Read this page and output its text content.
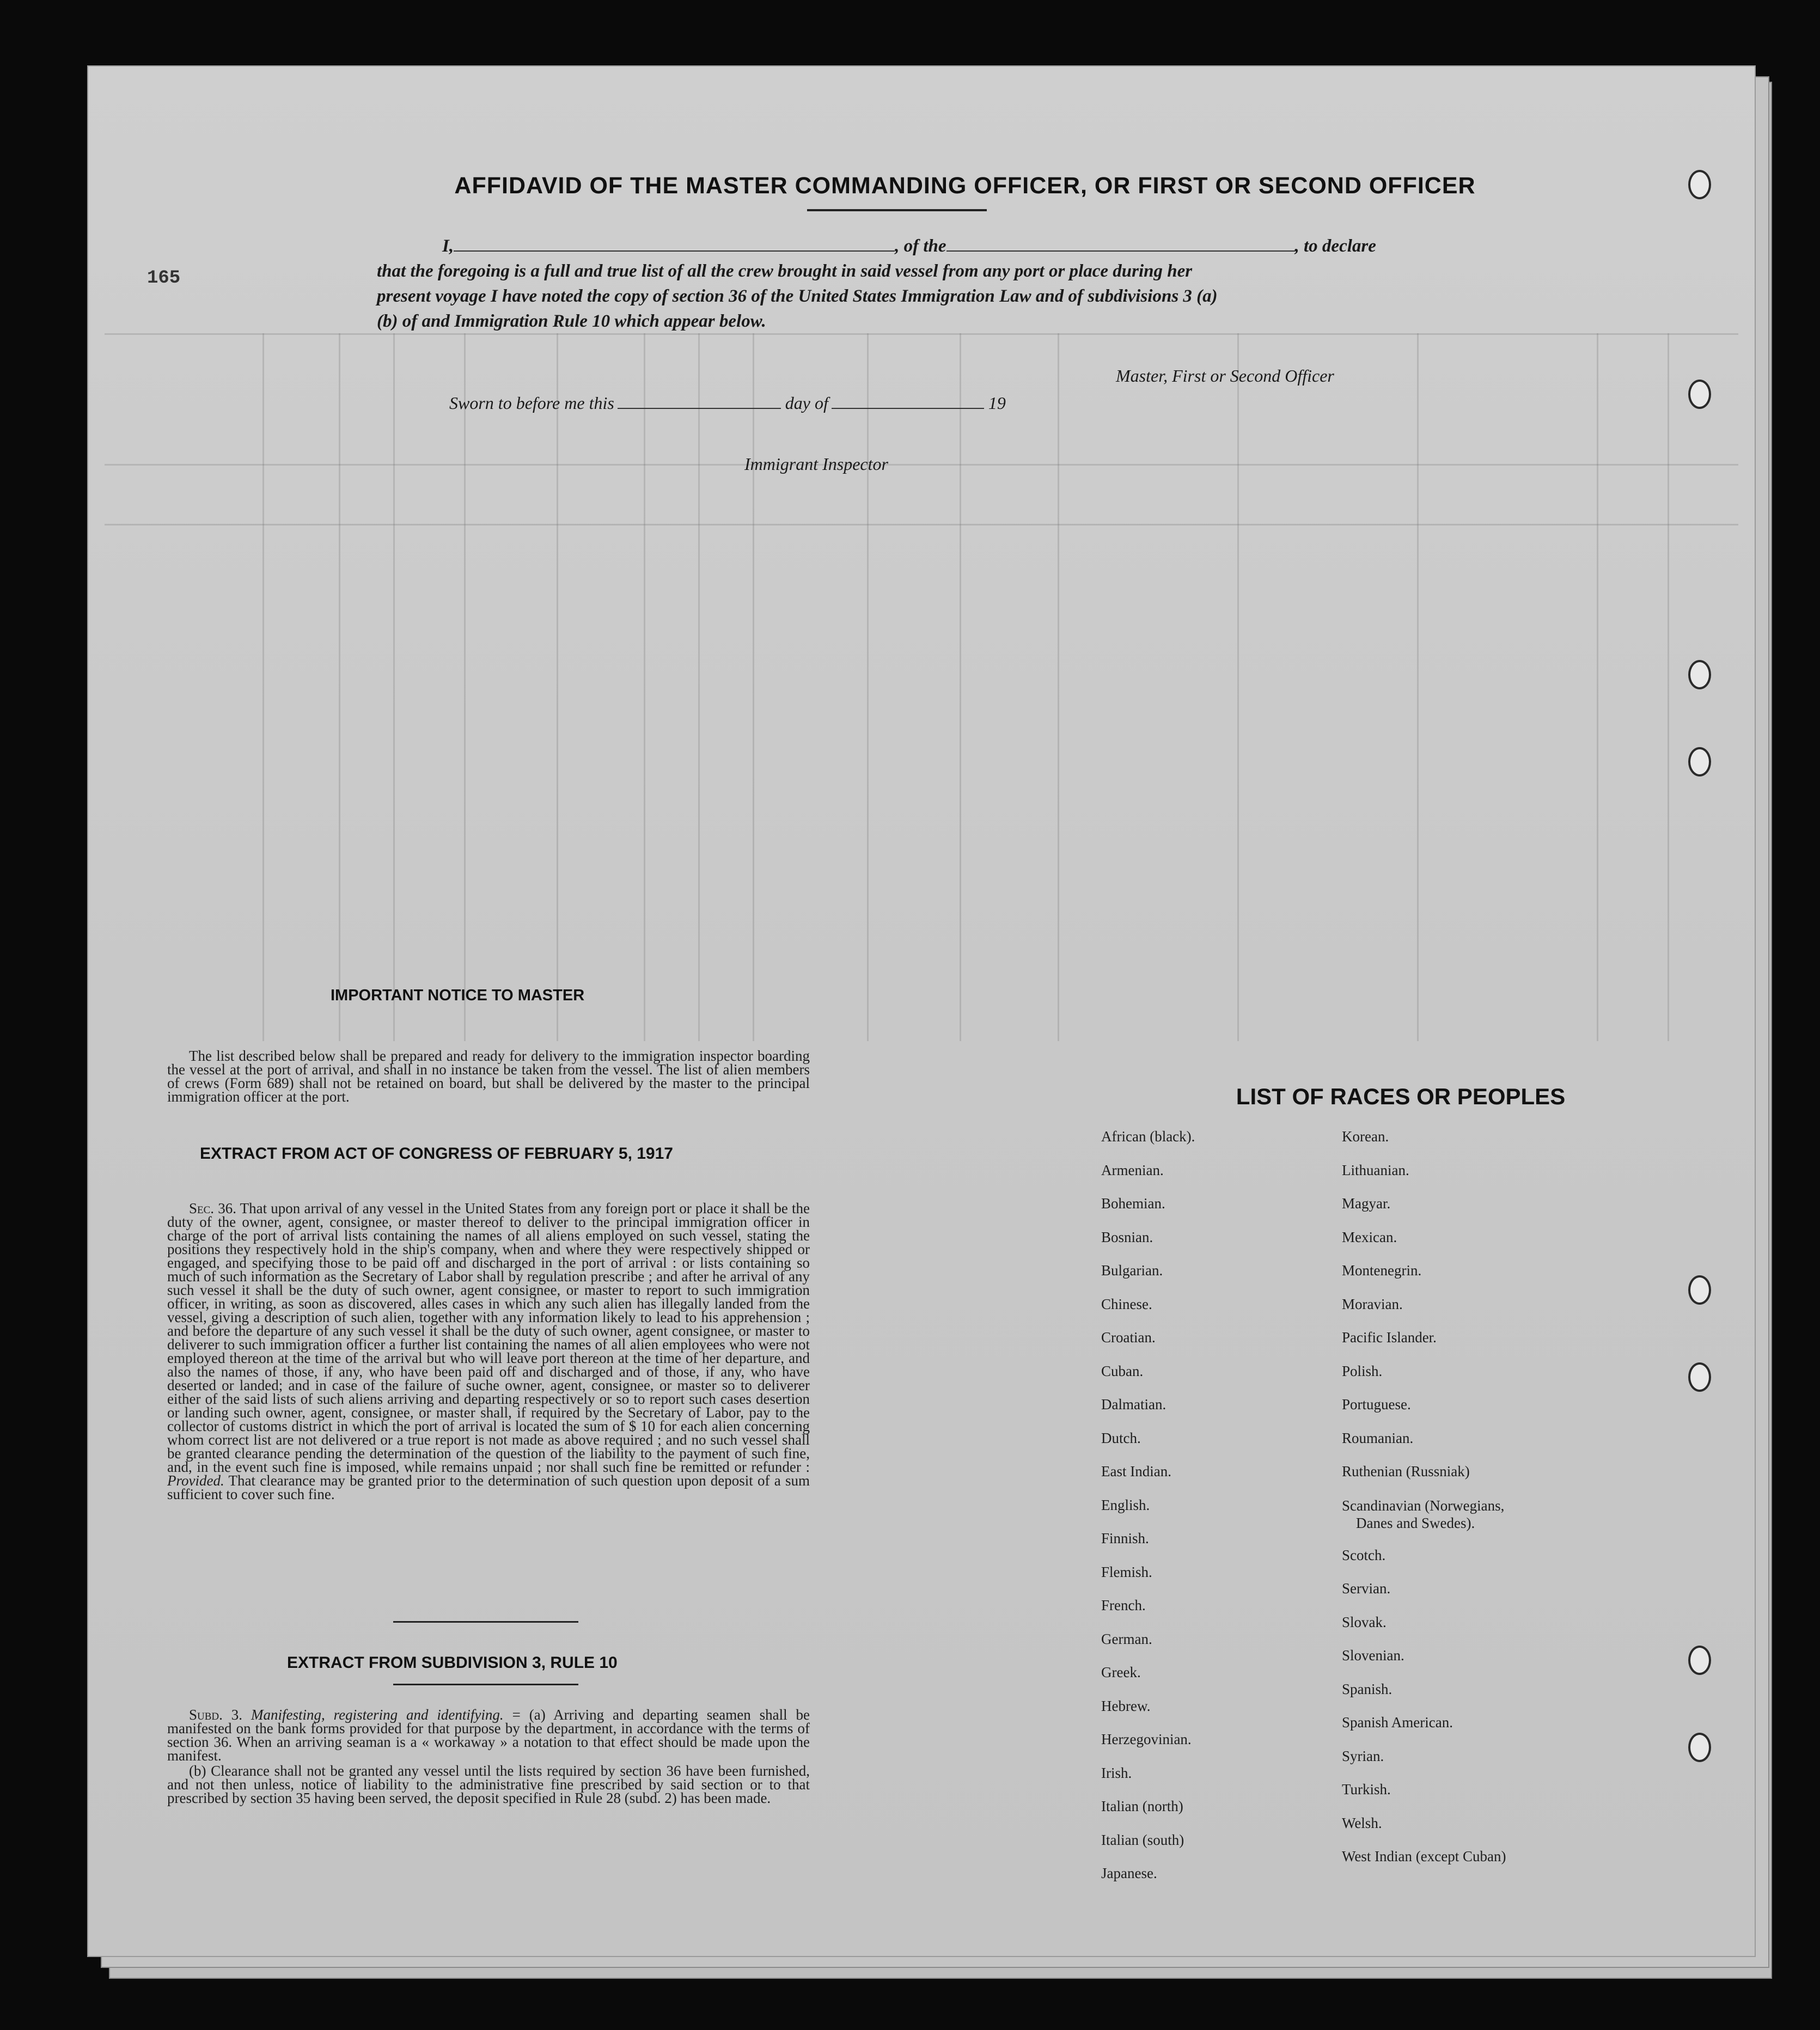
165
AFFIDAVID OF THE MASTER COMMANDING OFFICER, OR FIRST OR SECOND OFFICER
I,	, of the	, to declare
that the foregoing is a full and true list of all the crew brought in said vessel from any port or place during her
present voyage I have noted the copy of section 36 of the United States Immigration Law and of subdivisions 3 (a)
(b) of and Immigration Rule 10 which appear below.
Master, First or Second Officer
Sworn to before me this	day of	19
Immigrant Inspector
IMPORTANT NOTICE TO MASTER
The list described below shall be prepared and ready for delivery to the immigration inspector boarding the vessel at the port of arrival, and shall in no instance be taken from the vessel. The list of alien members of crews (Form 689) shall not be retained on board, but shall be delivered by the master to the principal immigration officer at the port.
EXTRACT FROM ACT OF CONGRESS OF FEBRUARY 5, 1917
Sec. 36. That upon arrival of any vessel in the United States from any foreign port or place it shall be the duty of the owner, agent, consignee, or master thereof to deliver to the principal immigration officer in charge of the port of arrival lists containing the names of all aliens employed on such vessel, stating the positions they respectively hold in the ship's company, when and where they were respectively shipped or engaged, and specifying those to be paid off and discharged in the port of arrival : or lists containing so much of such information as the Secretary of Labor shall by regulation prescribe ; and after he arrival of any such vessel it shall be the duty of such owner, agent consignee, or master to report to such immigration officer, in writing, as soon as discovered, alles cases in which any such alien has illegally landed from the vessel, giving a description of such alien, together with any information likely to lead to his apprehension ; and before the departure of any such vessel it shall be the duty of such owner, agent consignee, or master to deliverer to such immigration officer a further list containing the names of all alien employees who were not employed thereon at the time of the arrival but who will leave port thereon at the time of her departure, and also the names of those, if any, who have been paid off and discharged and of those, if any, who have deserted or landed; and in case of the failure of suche owner, agent, consignee, or master so to deliverer either of the said lists of such aliens arriving and departing respectively or so to report such cases desertion or landing such owner, agent, consignee, or master shall, if required by the Secretary of Labor, pay to the collector of customs district in which the port of arrival is located the sum of $ 10 for each alien concerning whom correct list are not delivered or a true report is not made as above required ; and no such vessel shall be granted clearance pending the determination of the question of the liability to the payment of such fine, and, in the event such fine is imposed, while remains unpaid ; nor shall such fine be remitted or refunder : Provided. That clearance may be granted prior to the determination of such question upon deposit of a sum sufficient to cover such fine.
EXTRACT FROM SUBDIVISION 3, RULE 10
Subd. 3. Manifesting, registering and identifying. = (a) Arriving and departing seamen shall be manifested on the bank forms provided for that purpose by the department, in accordance with the terms of section 36. When an arriving seaman is a « workaway » a notation to that effect should be made upon the manifest.
(b) Clearance shall not be granted any vessel until the lists required by section 36 have been furnished, and not then unless, notice of liability to the administrative fine prescribed by said section or to that prescribed by section 35 having been served, the deposit specified in Rule 28 (subd. 2) has been made.
LIST OF RACES OR PEOPLES
African (black).
Armenian.
Bohemian.
Bosnian.
Bulgarian.
Chinese.
Croatian.
Cuban.
Dalmatian.
Dutch.
East Indian.
English.
Finnish.
Flemish.
French.
German.
Greek.
Hebrew.
Herzegovinian.
Irish.
Italian (north)
Italian (south)
Japanese.
Korean.
Lithuanian.
Magyar.
Mexican.
Montenegrin.
Moravian.
Pacific Islander.
Polish.
Portuguese.
Roumanian.
Ruthenian (Russniak)
Scandinavian (Norwegians,
Danes and Swedes).
Scotch.
Servian.
Slovak.
Slovenian.
Spanish.
Spanish American.
Syrian.
Turkish.
Welsh.
West Indian (except Cuban)
